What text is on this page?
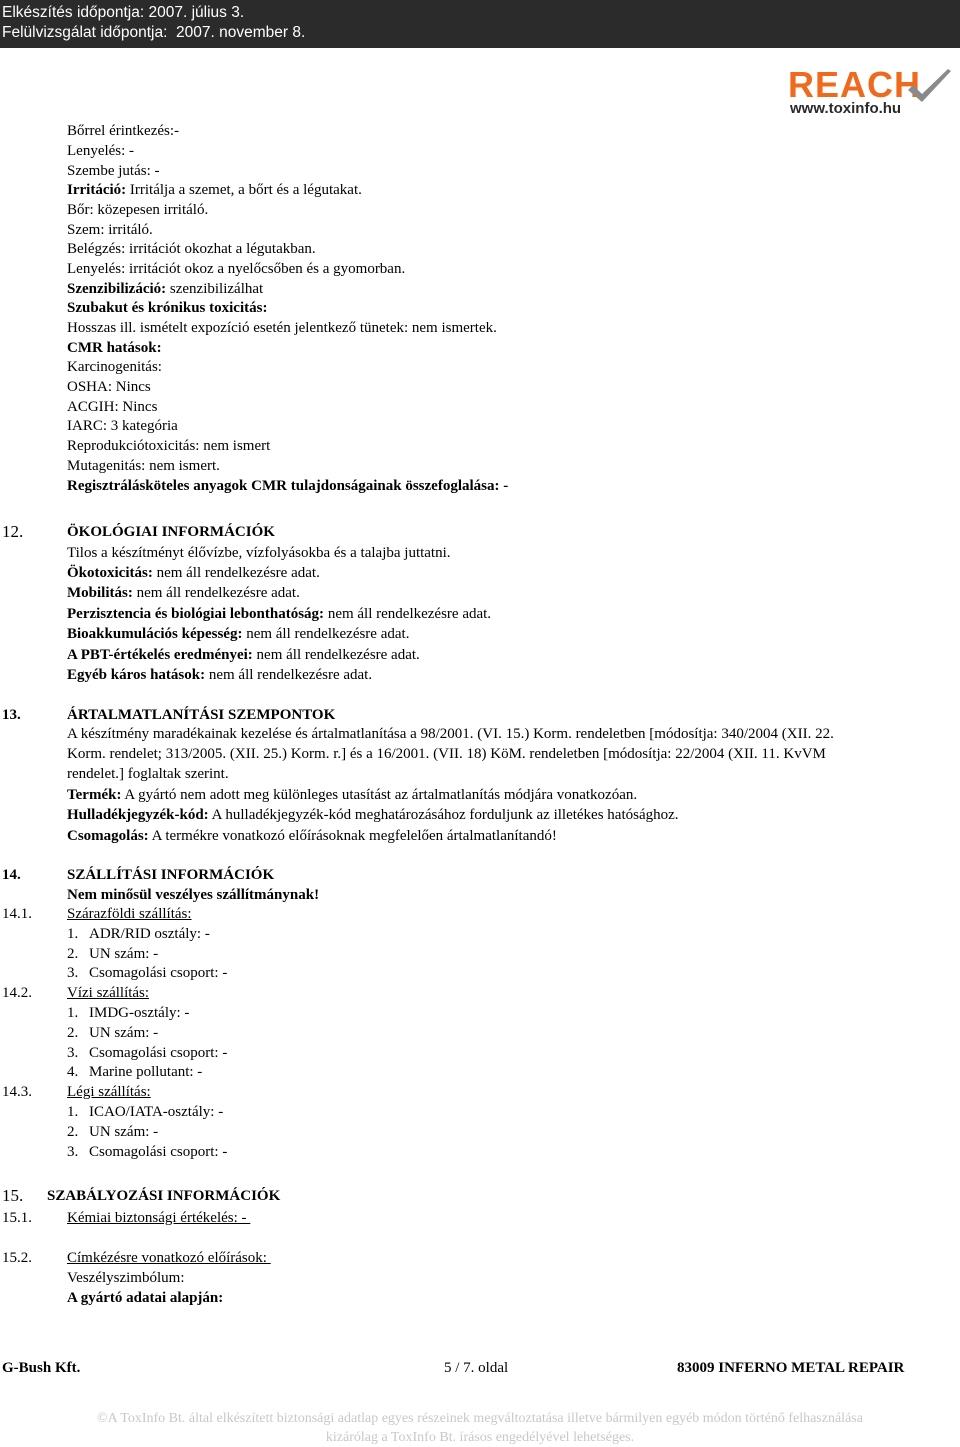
Elkészítés időpontja: 2007. július 3.
Felülvizsgálat időpontja:  2007. november 8.
REACH
www.toxinfo.hu
Bőrrel érintkezés:-
Lenyelés: -
Szembe jutás: -
Irritáció: Irritálja a szemet, a bőrt és a légutakat.
Bőr: közepesen irritáló.
Szem: irritáló.
Belégzés: irritációt okozhat a légutakban.
Lenyelés: irritációt okoz a nyelőcsőben és a gyomorban.
Szenzibilizáció: szenzibilizálhat
Szubakut és krónikus toxicitás:
Hosszas ill. ismételt expozíció esetén jelentkező tünetek: nem ismertek.
CMR hatások:
Karcinogenitás:
OSHA: Nincs
ACGIH: Nincs
IARC: 3 kategória
Reprodukciótoxicitás: nem ismert
Mutagenitás: nem ismert.
Regisztrálásköteles anyagok CMR tulajdonságainak összefoglalása: -
12.	ÖKOLÓGIAI INFORMÁCIÓK
Tilos a készítményt élővízbe, vízfolyásokba és a talajba juttatni.
Ökotoxicitás: nem áll rendelkezésre adat.
Mobilitás: nem áll rendelkezésre adat.
Perzisztencia és biológiai lebonthatóság: nem áll rendelkezésre adat.
Bioakkumulációs képesség: nem áll rendelkezésre adat.
A PBT-értékelés eredményei: nem áll rendelkezésre adat.
Egyéb káros hatások: nem áll rendelkezésre adat.
13.	ÁRTALMATLANÍTÁSI SZEMPONTOK
A készítmény maradékainak kezelése és ártalmatlanítása a 98/2001. (VI. 15.) Korm. rendeletben [módosítja: 340/2004 (XII. 22.
Korm. rendelet; 313/2005. (XII. 25.) Korm. r.] és a 16/2001. (VII. 18) KöM. rendeletben [módosítja: 22/2004 (XII. 11. KvVM
rendelet.] foglaltak szerint.
Termék: A gyártó nem adott meg különleges utasítást az ártalmatlanítás módjára vonatkozóan.
Hulladékjegyzék-kód: A hulladékjegyzék-kód meghatározásához forduljunk az illetékes hatósághoz.
Csomagolás: A termékre vonatkozó előírásoknak megfelelően ártalmatlanítandó!
14.	SZÁLLÍTÁSI INFORMÁCIÓK
Nem minősül veszélyes szállítmánynak!
14.1. Szárazföldi szállítás:
1. ADR/RID osztály: -
2. UN szám: -
3. Csomagolási csoport: -
14.2. Vízi szállítás:
1. IMDG-osztály: -
2. UN szám: -
3. Csomagolási csoport: -
4. Marine pollutant: -
14.3. Légi szállítás:
1. ICAO/IATA-osztály: -
2. UN szám: -
3. Csomagolási csoport: -
15. SZABÁLYOZÁSI INFORMÁCIÓK
15.1. Kémiai biztonsági értékelés: -
15.2. Címkézésre vonatkozó előírások:
Veszélyszimbólum:
A gyártó adatai alapján:
G-Bush Kft.	5 / 7. oldal	83009 INFERNO METAL REPAIR
©A ToxInfo Bt. által elkészített biztonsági adatlap egyes részeinek megváltoztatása illetve bármilyen egyéb módon történő felhasználása
kizárólag a ToxInfo Bt. írásos engedélyével lehetséges.
